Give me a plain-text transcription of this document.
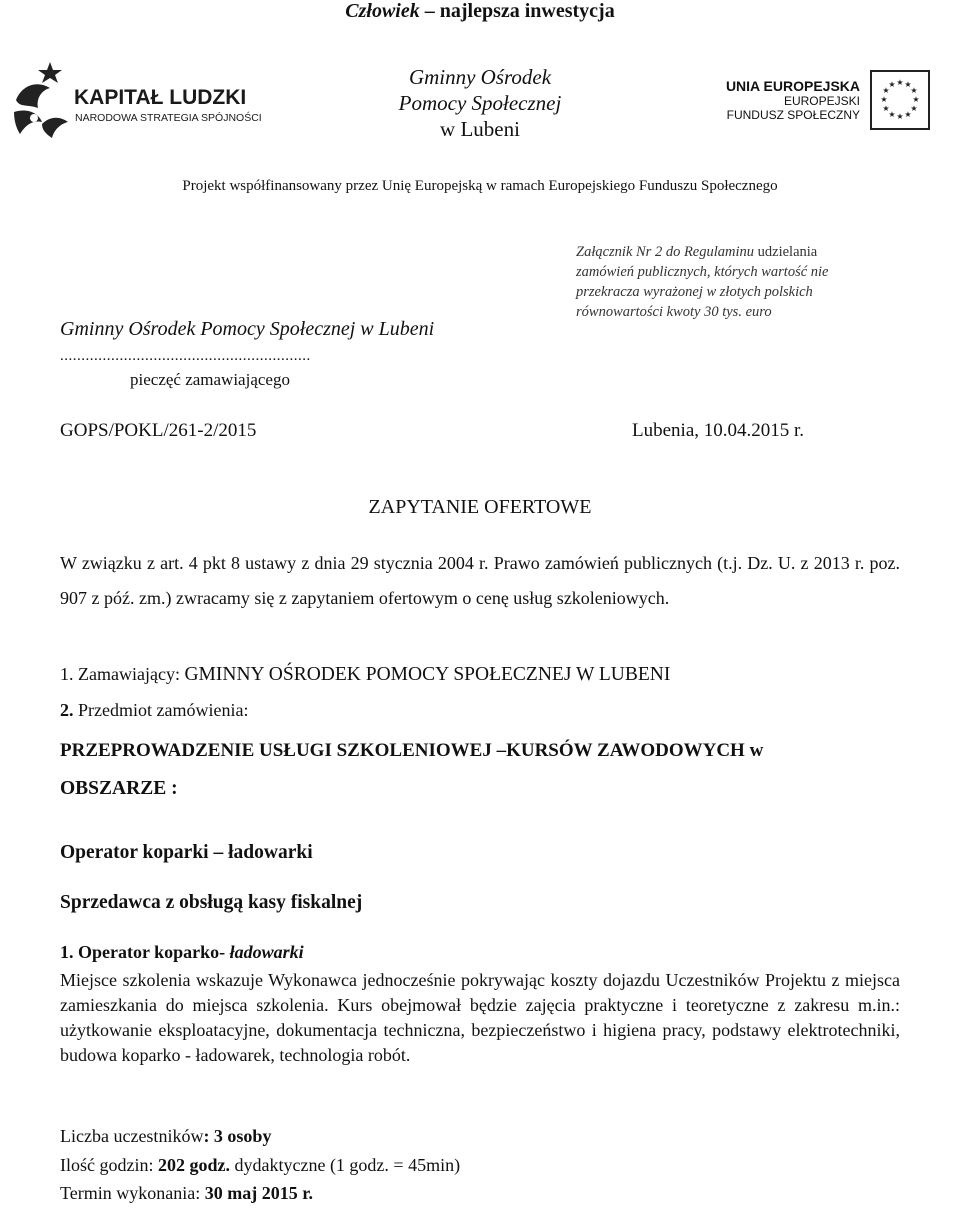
Człowiek – najlepsza inwestycja
KAPITAŁ LUDZKI
NARODOWA STRATEGIA SPÓJNOŚCI
Gminny Ośrodek
Pomocy Społecznej
w Lubeni
UNIA EUROPEJSKA
EUROPEJSKI
FUNDUSZ SPOŁECZNY
★ ★
★
★
★
★
★
★
★
★
★
★
Projekt współfinansowany przez Unię Europejską w ramach Europejskiego Funduszu Społecznego
Załącznik Nr 2 do Regulaminu udzielania
zamówień publicznych, których wartość nie
przekracza wyrażonej w złotych polskich
równowartości kwoty 30 tys. euro
Gminny Ośrodek Pomocy Społecznej w Lubeni
...........................................................
pieczęć zamawiającego
GOPS/POKL/261-2/2015	Lubenia, 10.04.2015 r.
ZAPYTANIE OFERTOWE
W związku z art. 4 pkt 8 ustawy z dnia 29 stycznia 2004 r. Prawo zamówień publicznych (t.j. Dz. U. z 2013 r. poz. 907 z póź. zm.) zwracamy się z zapytaniem ofertowym o cenę usług szkoleniowych.
1. Zamawiający: GMINNY OŚRODEK POMOCY SPOŁECZNEJ W LUBENI
2. Przedmiot zamówienia:
PRZEPROWADZENIE USŁUGI SZKOLENIOWEJ –KURSÓW ZAWODOWYCH w
OBSZARZE :
Operator koparki – ładowarki
Sprzedawca z obsługą kasy fiskalnej
1. Operator koparko- ładowarki
Miejsce szkolenia wskazuje Wykonawca jednocześnie pokrywając koszty dojazdu Uczestników Projektu z miejsca zamieszkania do miejsca szkolenia. Kurs obejmował będzie zajęcia praktyczne i teoretyczne z zakresu m.in.: użytkowanie eksploatacyjne, dokumentacja techniczna, bezpieczeństwo i higiena pracy, podstawy elektrotechniki, budowa koparko - ładowarek, technologia robót.
Liczba uczestników: 3 osoby
Ilość godzin: 202 godz. dydaktyczne (1 godz. = 45min)
Termin wykonania: 30 maj 2015 r.
